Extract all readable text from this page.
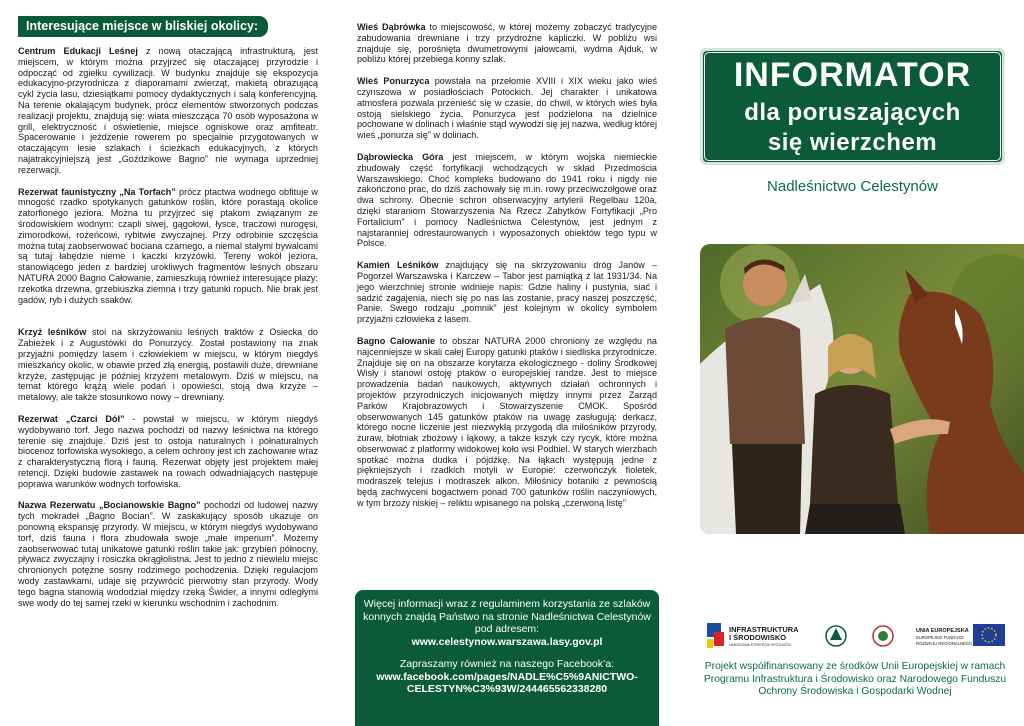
Interesujące miejsce w bliskiej okolicy:

Centrum Edukacji Leśnej z nową otaczającą infrastrukturą, jest miejscem, w którym można przyjrzeć się otaczającej przyrodzie i odpocząć od zgiełku cywilizacji. W budynku znajduje się ekspozycja edukacyjno-przyrodnicza z diaporamami zwierząt, makietą obrazującą cykl życia lasu, dziesiątkami pomocy dydaktycznych i salą konferencyjną. Na terenie okalającym budynek, prócz elementów stworzonych podczas realizacji projektu, znajdują się: wiata mieszcząca 70 osób wyposażona w grill, elektryczność i oświetlenie, miejsce ogniskowe oraz amfiteatr. Spacerowanie i jeżdżenie rowerem po specjalnie przygotowanych w otaczającym lesie szlakach i ścieżkach edukacyjnych, z których najatrakcyjniejszą jest „Goździkowe Bagno” nie wymaga uprzedniej rezerwacji.

Rezerwat faunistyczny „Na Torfach” prócz ptactwa wodnego obfituje w mnogość rzadko spotykanych gatunków roślin, które porastają okolice zatorfionego jeziora. Można tu przyjrzeć się ptakom związanym ze środowiskiem wodnym: czapli siwej, gągołowi, łysce, traczowi nurogęsi, zimorodkowi, rożeńcowi, rybitwie zwyczajnej. Przy odrobinie szczęścia można tutaj zaobserwować bociana czarnego, a niemal stałymi bywalcami są tutaj łabędzie nieme i kaczki krzyżówki. Tereny wokół jeziora, stanowiącego jeden z bardziej urokliwych fragmentów leśnych obszaru NATURA 2000 Bagno Całowanie, zamieszkują również interesujące płazy: rzekotka drzewna, grzebiuszka ziemna i trzy gatunki ropuch. Nie brak jest gadów, ryb i dużych ssaków.

Krzyż leśników stoi na skrzyżowaniu leśnych traktów z Osiecka do Zabieżek i z Augustówki do Ponurzycy. Został postawiony na znak przyjaźni pomiędzy lasem i człowiekiem w miejscu, w którym niegdyś mieszkańcy okolic, w obawie przed złą energią, postawili duże, drewniane krzyże, zastępując je później krzyżem metalowym. Dziś w miejscu, na temat którego krążą wiele podań i opowieści, stoją dwa krzyże – metalowy, ale także stosunkowo nowy – drewniany.

Rezerwat „Czarci Dół” - powstał w miejscu, w którym niegdyś wydobywano torf. Jego nazwa pochodzi od nazwy leśnictwa na którego terenie się znajduje. Dziś jest to ostoja naturalnych i półnaturalnych biocenoz torfowiska wysokiego, a celem ochrony jest ich zachowanie wraz z charakterystyczną florą i fauną. Rezerwat objęty jest projektem małej retencji. Dzięki budowie zastawek na rowach odwadniających następuje poprawa warunków wodnych torfowiska.

Nazwa Rezerwatu „Bocianowskie Bagno” pochodzi od ludowej nazwy tych mokradeł „Bagno Bocian”. W zaskakujący sposób ukazuje on ponowną ekspansję przyrody. W miejscu, w którym niegdyś wydobywano torf, dziś fauna i flora zbudowała swoje „małe imperium”. Możemy zaobserwować tutaj unikatowe gatunki roślin takie jak: grzybień północny, pływacz zwyczajny i rosiczka okrągłolistna. Jest to jedno z niewielu miejsc chronionych potężne sosny rodzimego pochodzenia. Dzięki regulacjom wody zastawkami, udaje się przywrócić pierwotny stan przyrody. Wody tego bagna stanowią wododział między rzeką Świder, a innymi odległymi swe wody do tej samej rzeki w kierunku wschodnim i zachodnim.

Wieś Dąbrówka to miejscowość, w której możemy zobaczyć tradycyjne zabudowania drewniane i trzy przydrożne kapliczki. W pobliżu wsi znajduje się, porośnięta dwumetrowymi jałowcami, wydma Ajduk, w pobliżu której przebiega konny szlak.

Wieś Ponurzyca powstała na przełomie XVIII i XIX wieku jako wieś czynszowa w posiadłościach Potockich. Jej charakter i unikatowa atmosfera pozwala przenieść się w czasie, do chwil, w których wieś była ostoją sielskiego życia. Ponurzyca jest podzielona na dzielnice pochowane w dolinach i właśnie stąd wywodzi się jej nazwa, według której wieś „ponurza się” w dolinach.

Dąbrowiecka Góra jest miejscem, w którym wojska niemieckie zbudowały część fortyfikacji wchodzących w skład Przedmościa Warszawskiego. Choć kompleks budowano do 1941 roku i nigdy nie zakończono prac, do dziś zachowały się m.in. rowy przeciwczołgowe oraz dwa schrony. Obecnie schron obserwacyjny artylerii Regelbau 120a, dzięki staraniom Stowarzyszenia Na Rzecz Zabytków Fortyfikacji „Pro Fortalicium” i pomocy Nadleśnictwa Celestynów, jest jednym z najstaranniej odrestaurowanych i wyposażonych obiektów tego typu w Polsce.

Kamień Leśników znajdujący się na skrzyżowaniu dróg Janów – Pogorzel Warszawska i Karczew – Tabor jest pamiątką z lat 1931/34. Na jego wierzchniej stronie widnieje napis: Gdzie haliny i pustynia, siać i sadzić zagajenia, niech się po nas las zostanie, pracy naszej poszczęść, Panie. Swego rodzaju „pomnik” jest kolejnym w okolicy symbolem przyjaźni człowieka z lasem.

Bagno Całowanie to obszar NATURA 2000 chroniony ze względu na najcenniejsze w skali całej Europy gatunki ptaków i siedliska przyrodnicze. Znajduje się on na obszarze korytarza ekologicznego - doliny Środkowej Wisły i stanowi ostoję ptaków o europejskiej randze. Jest to miejsce prowadzenia badań naukowych, aktywnych działań ochronnych i projektów przyrodniczych inicjowanych między innymi przez Zarząd Parków Krajobrazowych i Stowarzyszenie CMOK. Spośród obserwowanych 145 gatunków ptaków na uwagę zasługują: derkacz, którego nocne liczenie jest niezwykłą przygodą dla miłośników przyrody, żuraw, błotniak zbożowy i łąkowy, a także kszyk czy rycyk, które można obserwować z platformy widokowej koło wsi Podbiel. W starych wierzbach spotkać można dudka i pójdźkę. Na łąkach występują jedne z piękniejszych i rzadkich motyli w Europie: czerwończyk fioletek, modraszek telejus i modraszek alkon. Miłośnicy botaniki z pewnością będą zachwyceni bogactwem ponad 700 gatunków roślin naczyniowych, w tym brzozy niskiej – reliktu wpisanego na polską „czerwoną listę”

Więcej informacji wraz z regulaminem korzystania ze szlaków konnych znajdą Państwo na stronie Nadleśnictwa Celestynów pod adresem:

www.celestynow.warszawa.lasy.gov.pl

Zapraszamy również na naszego Facebook’a:

www.facebook.com/pages/NADLE%C5%9ANICTWO-CELESTYN%C3%93W/244465562338280

INFORMATOR
dla poruszających
się wierzchem
Nadleśnictwo Celestynów
INFRASTRUKTURA
I ŚRODOWISKO
NARODOWA STRATEGIA SPÓJNOŚCI
UNIA EUROPEJSKA
EUROPEJSKI FUNDUSZ
ROZWOJU REGIONALNEGO
Projekt współfinansowany ze środków Unii Europejskiej w ramach Programu Infrastruktura i Środowisko oraz Narodowego Funduszu Ochrony Środowiska i Gospodarki Wodnej
